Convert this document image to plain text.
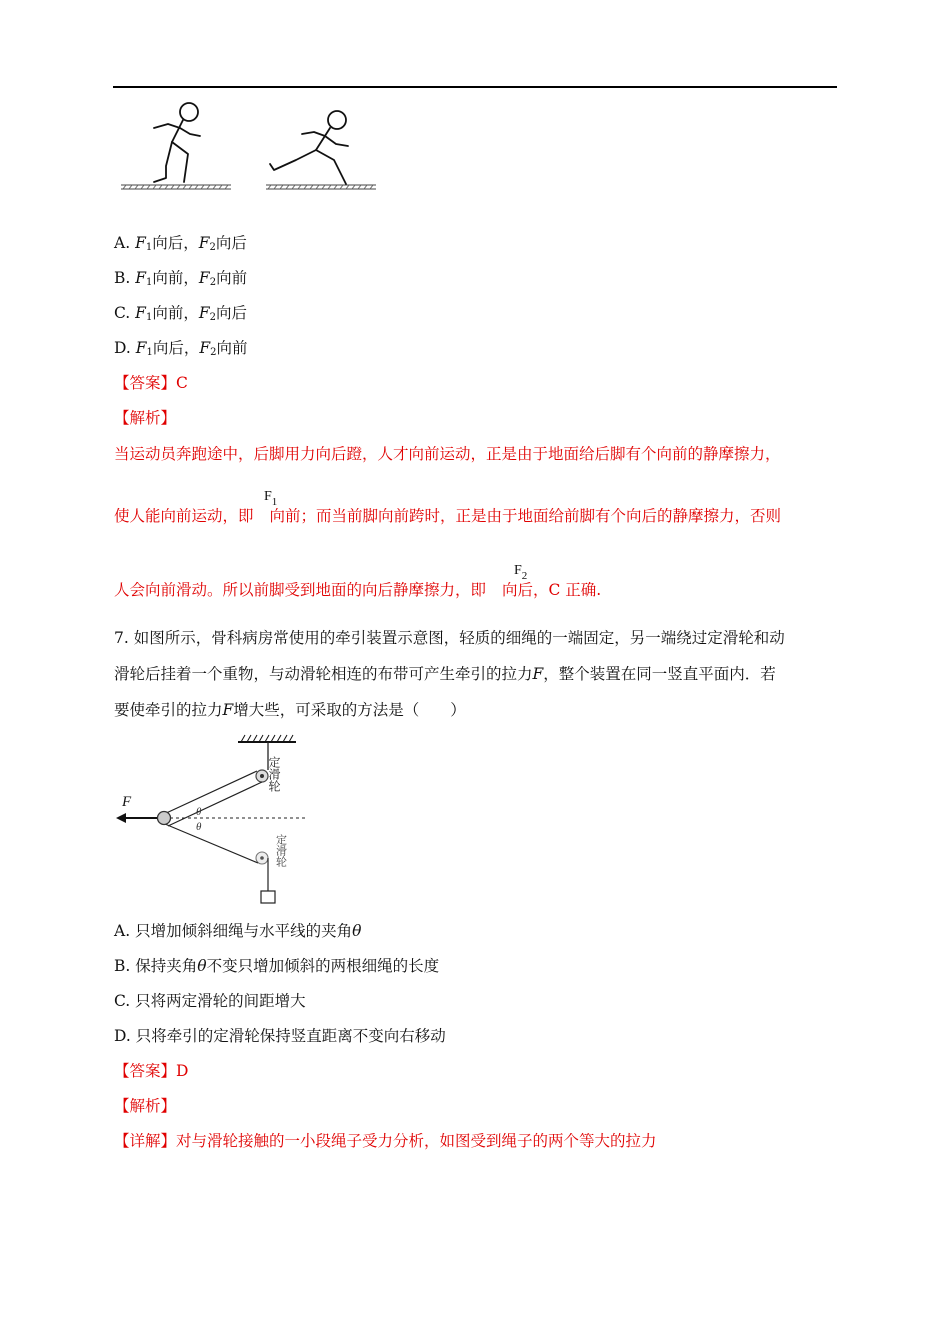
A. $F_1$向后，$F_2$向后
B. $F_1$向前，$F_2$向前
C. $F_1$向前，$F_2$向后
D. $F_1$向后，$F_2$向前
【答案】C
【解析】
当运动员奔跑途中，后脚用力向后蹬，人才向前运动，正是由于地面给后脚有个向前的静摩擦力，
使人能向前运动，即 向前；而当前脚向前跨时，正是由于地面给前脚有个向后的静摩擦力，否则
$F_1$
人会向前滑动。所以前脚受到地面的向后静摩擦力，即 向后，C 正确.
$F_2$
7. 如图所示，骨科病房常使用的牵引装置示意图，轻质的细绳的一端固定，另一端绕过定滑轮和动
滑轮后挂着一个重物，与动滑轮相连的布带可产生牵引的拉力F，整个装置在同一竖直平面内．若
要使牵引的拉力F增大些，可采取的方法是（　　）
F
θ
θ
定滑轮
定滑轮
A. 只增加倾斜细绳与水平线的夹角θ
B. 保持夹角θ不变只增加倾斜的两根细绳的长度
C. 只将两定滑轮的间距增大
D. 只将牵引的定滑轮保持竖直距离不变向右移动
【答案】D
【解析】
【详解】对与滑轮接触的一小段绳子受力分析，如图受到绳子的两个等大的拉力
